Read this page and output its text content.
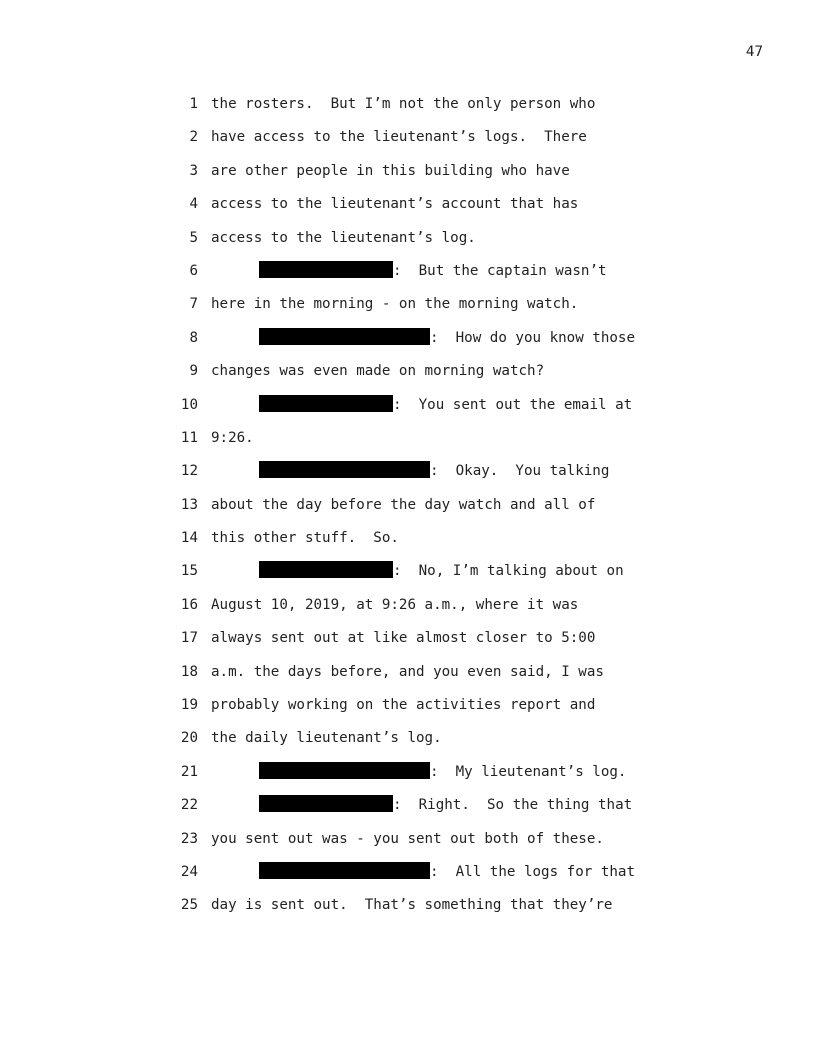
47
1 the rosters.  But I’m not the only person who
2 have access to the lieutenant’s logs.  There
3 are other people in this building who have
4 access to the lieutenant’s account that has
5 access to the lieutenant’s log.
6	:  But the captain wasn’t
7 here in the morning - on the morning watch.
8	:  How do you know those
9 changes was even made on morning watch?
10	:  You sent out the email at
11 9:26.
12	:  Okay.  You talking
13 about the day before the day watch and all of
14 this other stuff.  So.
15	:  No, I’m talking about on
16 August 10, 2019, at 9:26 a.m., where it was
17 always sent out at like almost closer to 5:00
18 a.m. the days before, and you even said, I was
19 probably working on the activities report and
20 the daily lieutenant’s log.
21	:  My lieutenant’s log.
22	:  Right.  So the thing that
23 you sent out was - you sent out both of these.
24	:  All the logs for that
25 day is sent out.  That’s something that they’re
